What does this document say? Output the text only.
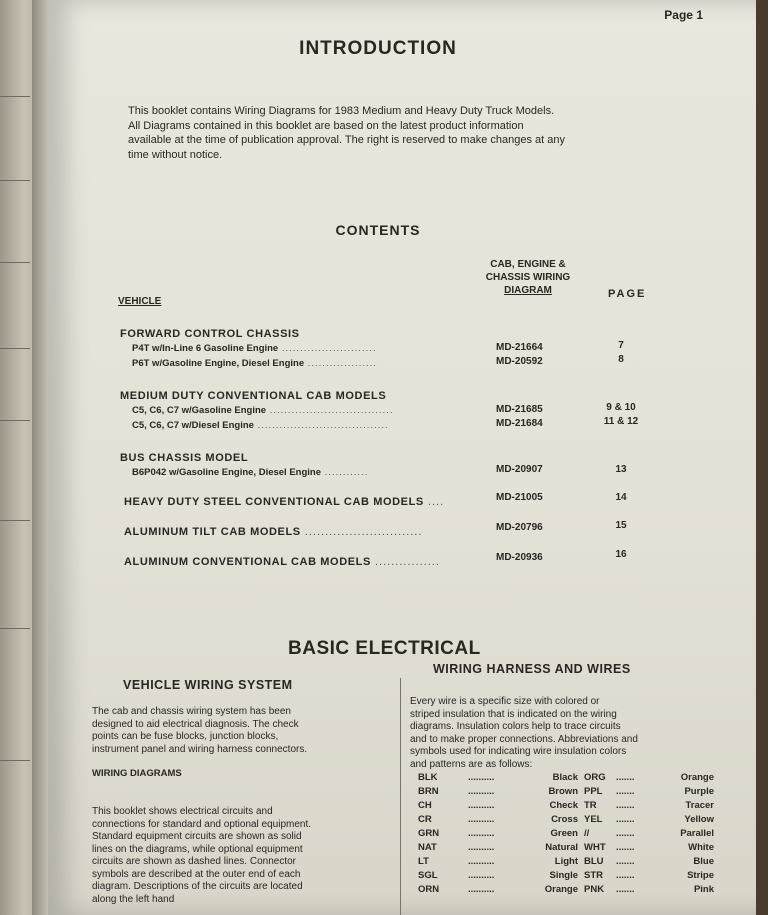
Page 1
INTRODUCTION
This booklet contains Wiring Diagrams for 1983 Medium and Heavy Duty Truck Models.
All Diagrams contained in this booklet are based on the latest product information
available at the time of publication approval. The right is reserved to make changes at any
time without notice.
CONTENTS
CAB, ENGINE &
CHASSIS WIRING
DIAGRAM	PAGE
VEHICLE
FORWARD CONTROL CHASSIS
P4T w/In-Line 6 Gasoline Engine ..........................	MD-21664	7
P6T w/Gasoline Engine, Diesel Engine ...................	MD-20592	8
MEDIUM DUTY CONVENTIONAL CAB MODELS
C5, C6, C7 w/Gasoline Engine ..................................	MD-21685	9 & 10
C5, C6, C7 w/Diesel Engine ....................................	MD-21684	11 & 12
BUS CHASSIS MODEL
B6P042 w/Gasoline Engine, Diesel Engine ............	MD-20907	13
HEAVY DUTY STEEL CONVENTIONAL CAB MODELS ....	MD-21005	14
ALUMINUM TILT CAB MODELS .............................	MD-20796	15
ALUMINUM CONVENTIONAL CAB MODELS ................	MD-20936	16
BASIC ELECTRICAL
VEHICLE WIRING SYSTEM
WIRING HARNESS AND WIRES
The cab and chassis wiring system has been
designed to aid electrical diagnosis. The check
points can be fuse blocks, junction blocks,
instrument panel and wiring harness connectors.
WIRING DIAGRAMS
This booklet shows electrical circuits and
connections for standard and optional equipment.
Standard equipment circuits are shown as solid
lines on the diagrams, while optional equipment
circuits are shown as dashed lines. Connector
symbols are described at the outer end of each
diagram. Descriptions of the circuits are located
along the left hand
Every wire is a specific size with colored or
striped insulation that is indicated on the wiring
diagrams. Insulation colors help to trace circuits
and to make proper connections. Abbreviations and
symbols used for indicating wire insulation colors
and patterns are as follows:
BLK	..........	Black ORG .......	Orange
BRN	..........	Brown PPL .......	Purple
CH	..........	Check TR .......	Tracer
CR	..........	Cross YEL .......	Yellow
GRN	..........	Green //	.......	Parallel
NAT	..........	Natural WHT .......	White
LT	..........	Light BLU .......	Blue
SGL	..........	Single STR .......	Stripe
ORN	..........	Orange PNK .......	Pink
